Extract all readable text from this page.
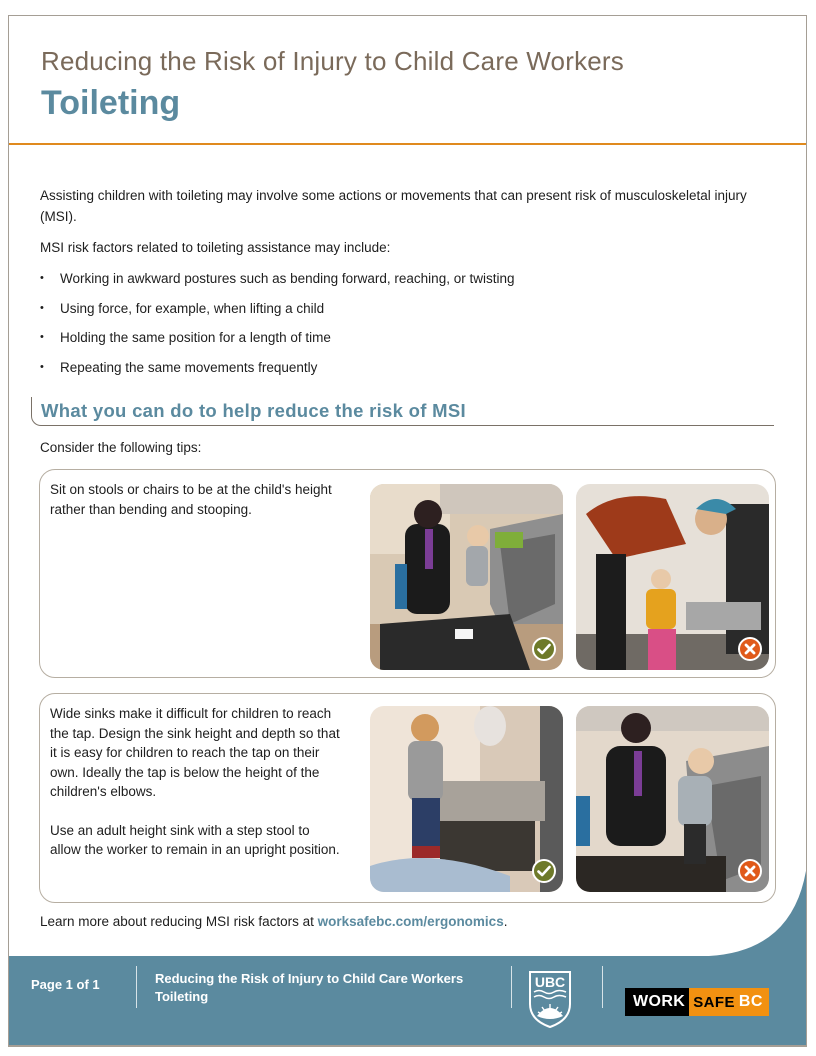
Reducing the Risk of Injury to Child Care Workers
Toileting

Assisting children with toileting may involve some actions or movements that can present risk of musculoskeletal injury (MSI).

MSI risk factors related to toileting assistance may include:

• Working in awkward postures such as bending forward, reaching, or twisting
• Using force, for example, when lifting a child
• Holding the same position for a length of time
• Repeating the same movements frequently
What you can do to help reduce the risk of MSI
Consider the following tips:

Sit on stools or chairs to be at the child's height rather than bending and stooping.

Wide sinks make it difficult for children to reach the tap. Design the sink height and depth so that it is easy for children to reach the tap on their own. Ideally the tap is below the height of the children's elbows.

Use an adult height sink with a step stool to allow the worker to remain in an upright position.

Learn more about reducing MSI risk factors at worksafebc.com/ergonomics.
Page 1 of 1	Reducing the Risk of Injury to Child Care Workers
Toileting
UBC
WORK SAFE BC
